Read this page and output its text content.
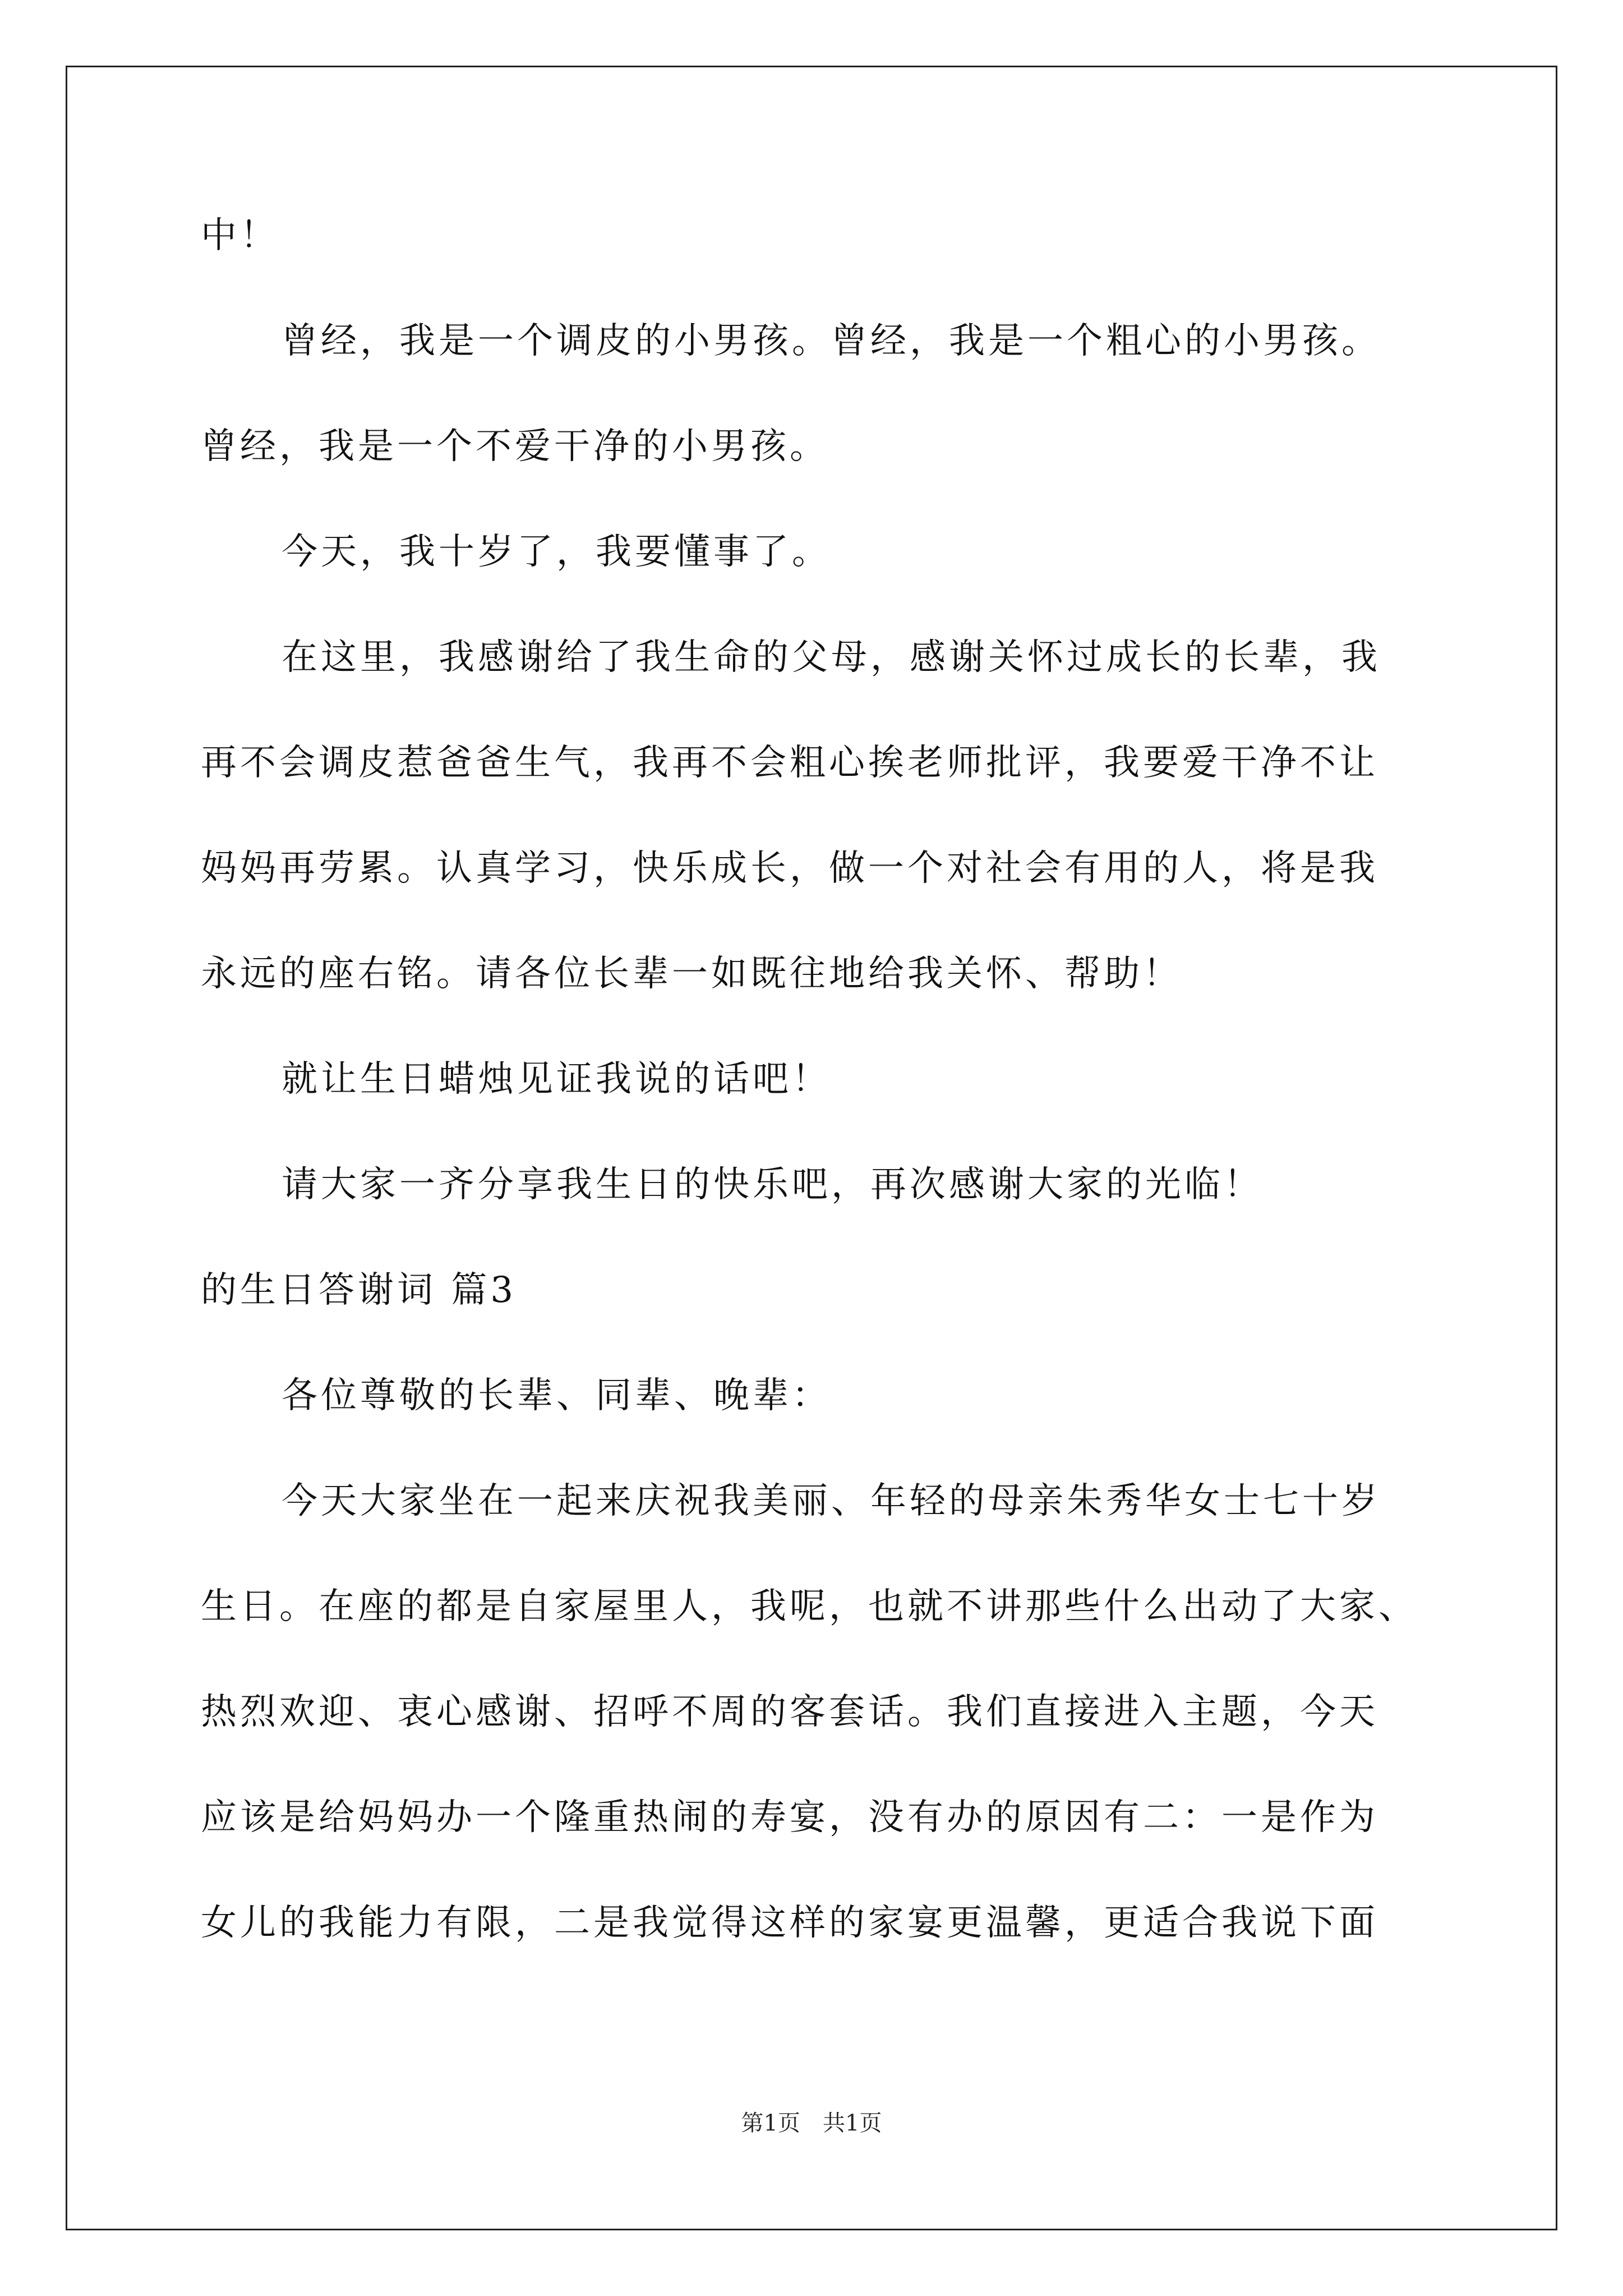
中！
曾经，我是一个调皮的小男孩。曾经，我是一个粗心的小男孩。
曾经，我是一个不爱干净的小男孩。
今天，我十岁了，我要懂事了。
在这里，我感谢给了我生命的父母，感谢关怀过成长的长辈，我
再不会调皮惹爸爸生气，我再不会粗心挨老师批评，我要爱干净不让
妈妈再劳累。认真学习，快乐成长，做一个对社会有用的人，将是我
永远的座右铭。请各位长辈一如既往地给我关怀、帮助！
就让生日蜡烛见证我说的话吧！
请大家一齐分享我生日的快乐吧，再次感谢大家的光临！
的生日答谢词 篇3
各位尊敬的长辈、同辈、晚辈：
今天大家坐在一起来庆祝我美丽、年轻的母亲朱秀华女士七十岁
生日。在座的都是自家屋里人，我呢，也就不讲那些什么出动了大家、
热烈欢迎、衷心感谢、招呼不周的客套话。我们直接进入主题，今天
应该是给妈妈办一个隆重热闹的寿宴，没有办的原因有二：一是作为
女儿的我能力有限，二是我觉得这样的家宴更温馨，更适合我说下面
第1页　共1页
